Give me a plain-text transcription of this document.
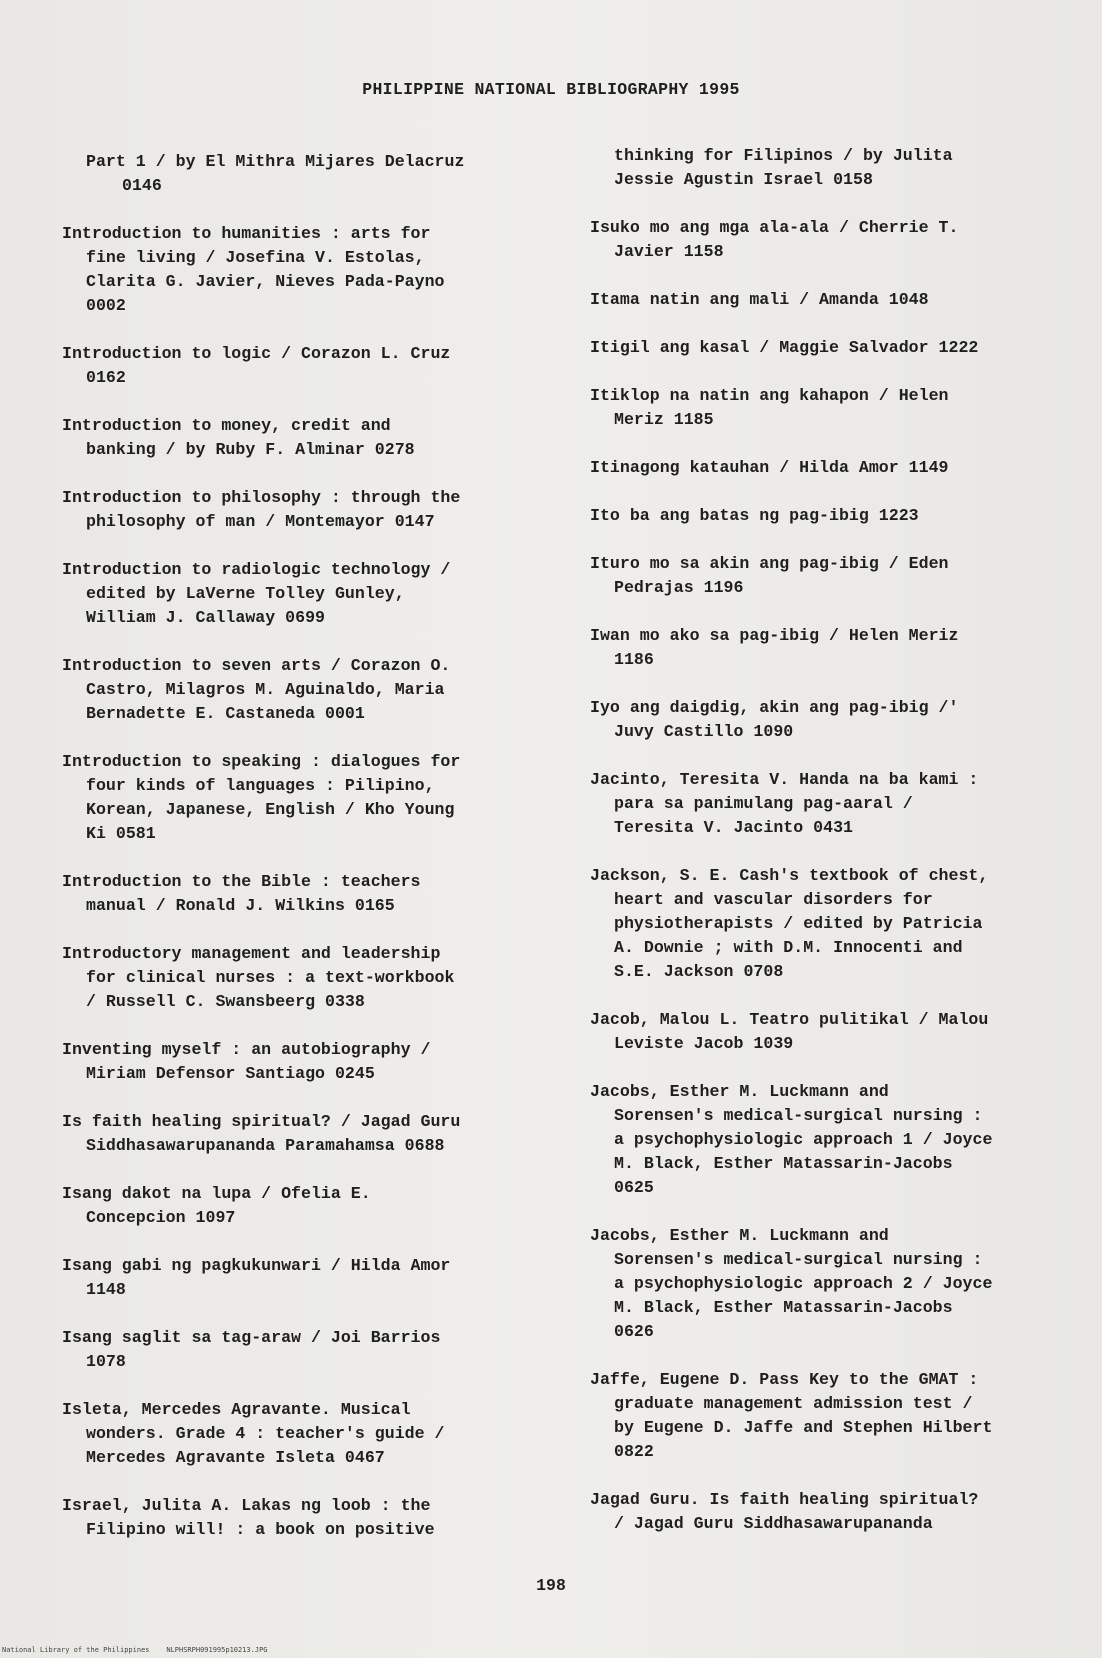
PHILIPPINE NATIONAL BIBLIOGRAPHY 1995
Part 1 / by El Mithra Mijares Delacruz
0146
Introduction to humanities : arts for
fine living / Josefina V. Estolas,
Clarita G. Javier, Nieves Pada-Payno
0002
Introduction to logic / Corazon L. Cruz
0162
Introduction to money, credit and
banking / by Ruby F. Alminar 0278
Introduction to philosophy : through the
philosophy of man / Montemayor 0147
Introduction to radiologic technology /
edited by LaVerne Tolley Gunley,
William J. Callaway 0699
Introduction to seven arts / Corazon O.
Castro, Milagros M. Aguinaldo, Maria
Bernadette E. Castaneda 0001
Introduction to speaking : dialogues for
four kinds of languages : Pilipino,
Korean, Japanese, English / Kho Young
Ki 0581
Introduction to the Bible : teachers
manual / Ronald J. Wilkins 0165
Introductory management and leadership
for clinical nurses : a text-workbook
/ Russell C. Swansbeerg 0338
Inventing myself : an autobiography /
Miriam Defensor Santiago 0245
Is faith healing spiritual? / Jagad Guru
Siddhasawarupananda Paramahamsa 0688
Isang dakot na lupa / Ofelia E.
Concepcion 1097
Isang gabi ng pagkukunwari / Hilda Amor
1148
Isang saglit sa tag-araw / Joi Barrios
1078
Isleta, Mercedes Agravante. Musical
wonders. Grade 4 : teacher's guide /
Mercedes Agravante Isleta 0467
Israel, Julita A. Lakas ng loob : the
Filipino will! : a book on positive
thinking for Filipinos / by Julita
Jessie Agustin Israel 0158
Isuko mo ang mga ala-ala / Cherrie T.
Javier 1158
Itama natin ang mali / Amanda 1048
Itigil ang kasal / Maggie Salvador 1222
Itiklop na natin ang kahapon / Helen
Meriz 1185
Itinagong katauhan / Hilda Amor 1149
Ito ba ang batas ng pag-ibig 1223
Ituro mo sa akin ang pag-ibig / Eden
Pedrajas 1196
Iwan mo ako sa pag-ibig / Helen Meriz
1186
Iyo ang daigdig, akin ang pag-ibig /'
Juvy Castillo 1090
Jacinto, Teresita V. Handa na ba kami :
para sa panimulang pag-aaral /
Teresita V. Jacinto 0431
Jackson, S. E. Cash's textbook of chest,
heart and vascular disorders for
physiotherapists / edited by Patricia
A. Downie ; with D.M. Innocenti and
S.E. Jackson 0708
Jacob, Malou L. Teatro pulitikal / Malou
Leviste Jacob 1039
Jacobs, Esther M. Luckmann and
Sorensen's medical-surgical nursing :
a psychophysiologic approach 1 / Joyce
M. Black, Esther Matassarin-Jacobs
0625
Jacobs, Esther M. Luckmann and
Sorensen's medical-surgical nursing :
a psychophysiologic approach 2 / Joyce
M. Black, Esther Matassarin-Jacobs
0626
Jaffe, Eugene D. Pass Key to the GMAT :
graduate management admission test /
by Eugene D. Jaffe and Stephen Hilbert
0822
Jagad Guru. Is faith healing spiritual?
/ Jagad Guru Siddhasawarupananda
198
National Library of the Philippines    NLPHSRPH091995p10213.JPG
